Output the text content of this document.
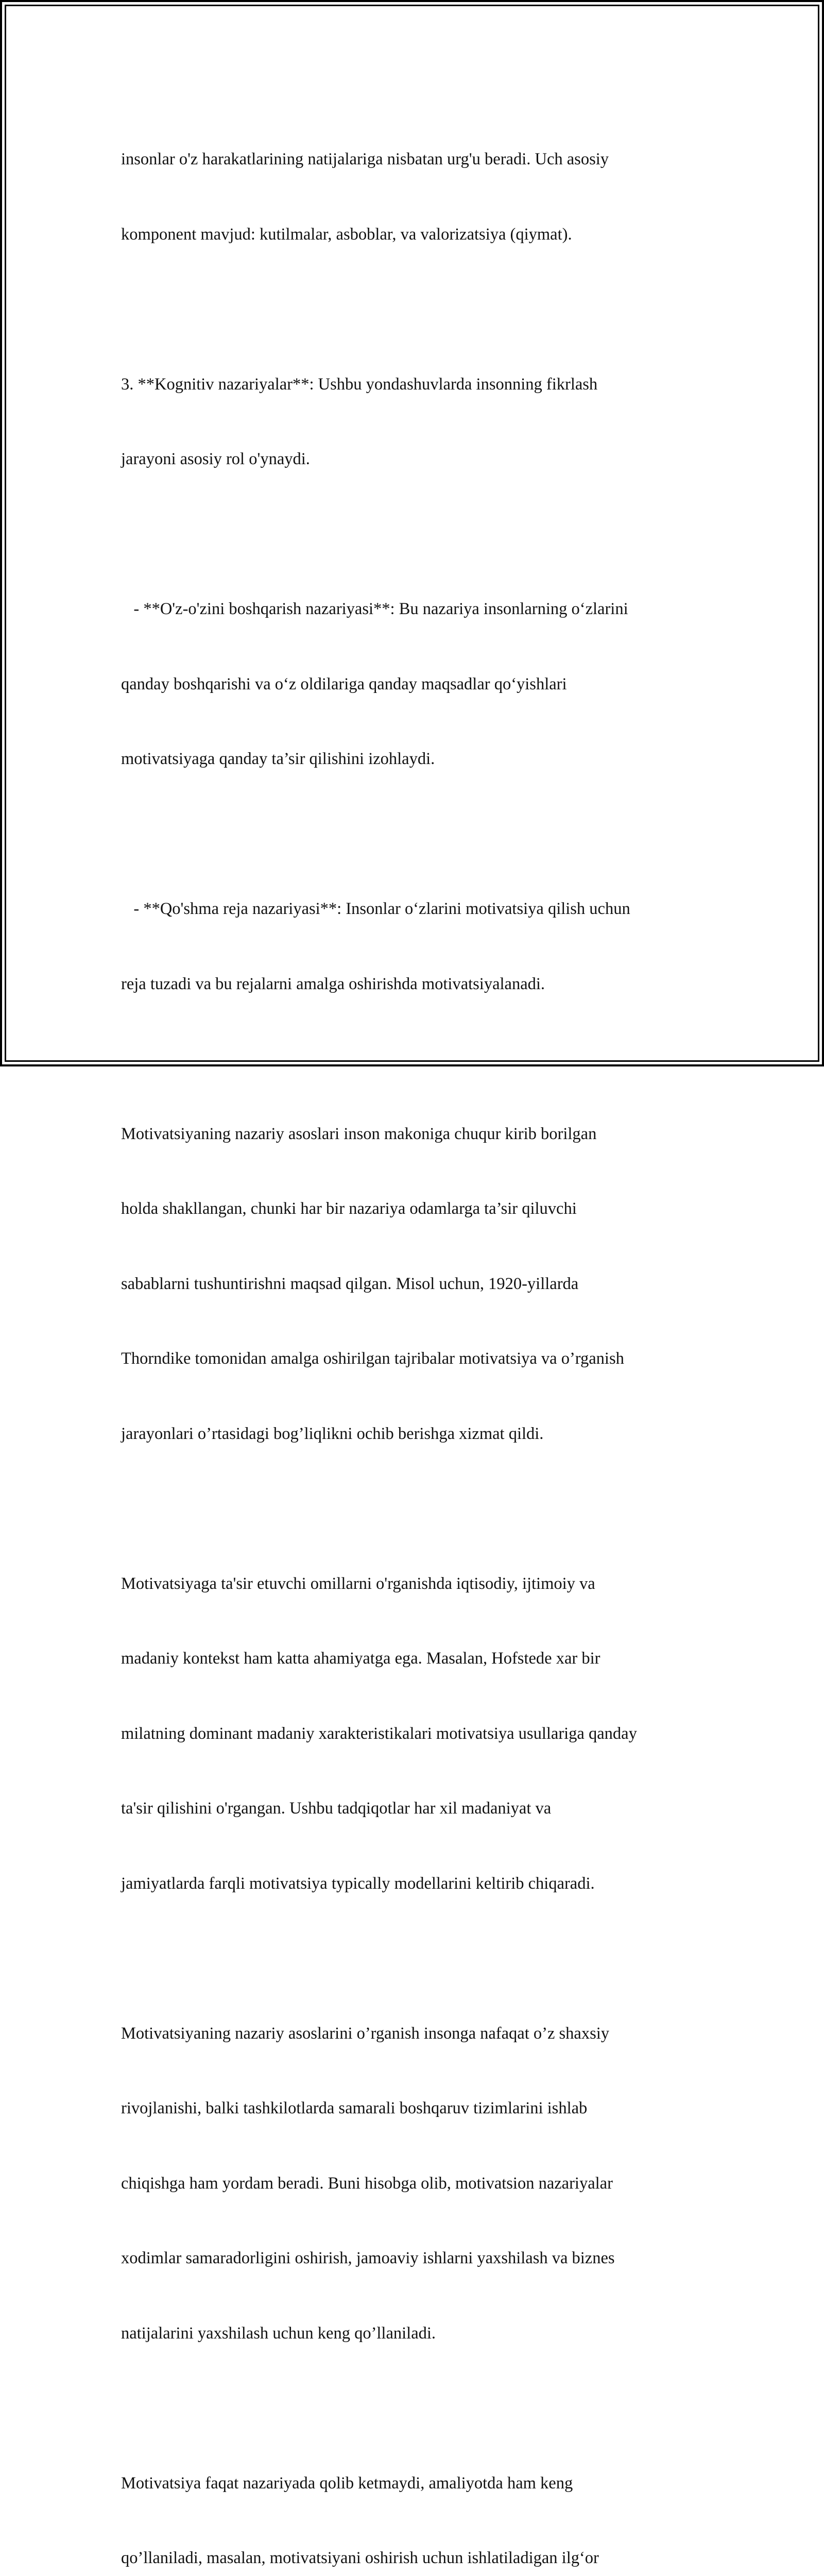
insonlar o'z harakatlarining natijalariga nisbatan urg'u beradi. Uch asosiy

komponent mavjud: kutilmalar, asboblar, va valorizatsiya (qiymat).

3. **Kognitiv nazariyalar**: Ushbu yondashuvlarda insonning fikrlash

jarayoni asosiy rol o'ynaydi.

- **O'z-o'zini boshqarish nazariyasi**: Bu nazariya insonlarning o‘zlarini

qanday boshqarishi va o‘z oldilariga qanday maqsadlar qo‘yishlari

motivatsiyaga qanday ta’sir qilishini izohlaydi.

- **Qo'shma reja nazariyasi**: Insonlar o‘zlarini motivatsiya qilish uchun

reja tuzadi va bu rejalarni amalga oshirishda motivatsiyalanadi.

Motivatsiyaning nazariy asoslari inson makoniga chuqur kirib borilgan

holda shakllangan, chunki har bir nazariya odamlarga ta’sir qiluvchi

sabablarni tushuntirishni maqsad qilgan. Misol uchun, 1920-yillarda

Thorndike tomonidan amalga oshirilgan tajribalar motivatsiya va o’rganish

jarayonlari o’rtasidagi bog’liqlikni ochib berishga xizmat qildi.

Motivatsiyaga ta'sir etuvchi omillarni o'rganishda iqtisodiy, ijtimoiy va

madaniy kontekst ham katta ahamiyatga ega. Masalan, Hofstede xar bir

milatning dominant madaniy xarakteristikalari motivatsiya usullariga qanday

ta'sir qilishini o'rgangan. Ushbu tadqiqotlar har xil madaniyat va

jamiyatlarda farqli motivatsiya typically modellarini keltirib chiqaradi.

Motivatsiyaning nazariy asoslarini o’rganish insonga nafaqat o’z shaxsiy

rivojlanishi, balki tashkilotlarda samarali boshqaruv tizimlarini ishlab

chiqishga ham yordam beradi. Buni hisobga olib, motivatsion nazariyalar

xodimlar samaradorligini oshirish, jamoaviy ishlarni yaxshilash va biznes

natijalarini yaxshilash uchun keng qo’llaniladi.

Motivatsiya faqat nazariyada qolib ketmaydi, amaliyotda ham keng

qo’llaniladi, masalan, motivatsiyani oshirish uchun ishlatiladigan ilg‘or
